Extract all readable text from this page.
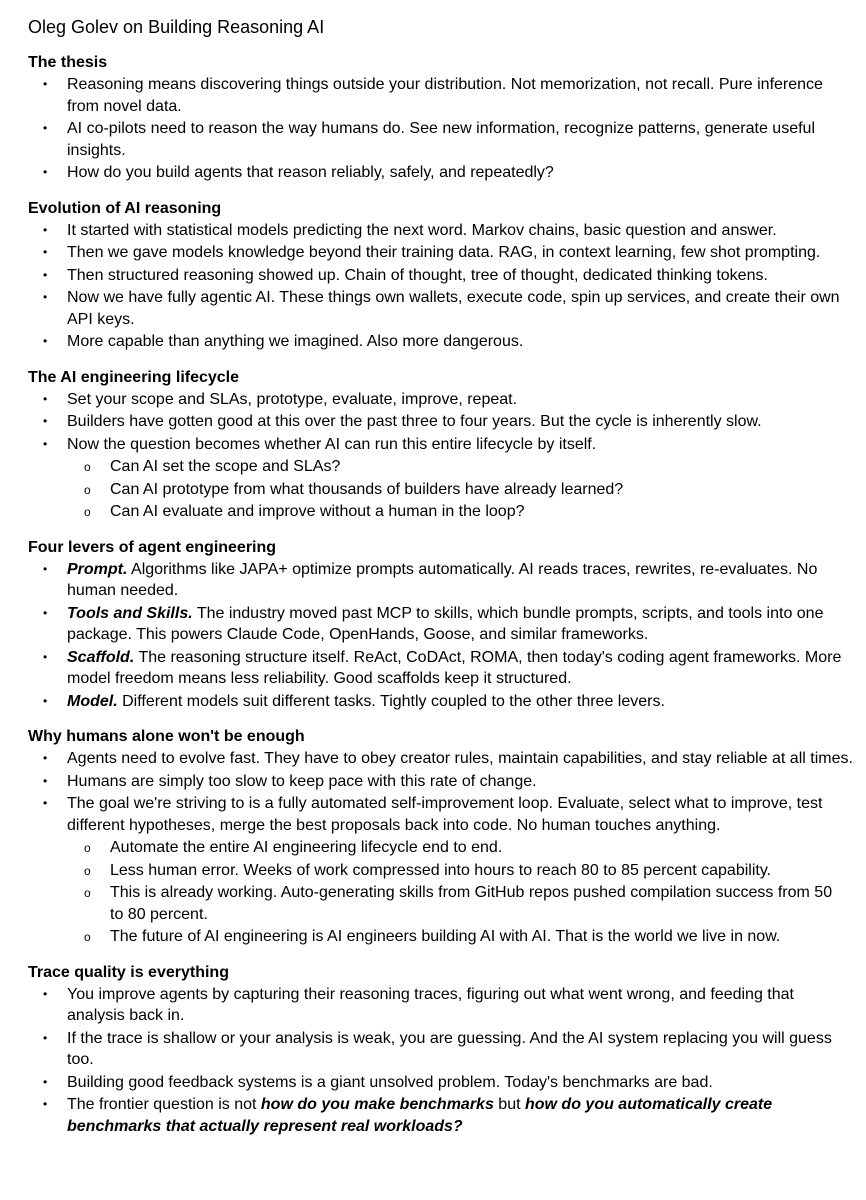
Oleg Golev on Building Reasoning AI
The thesis
• Reasoning means discovering things outside your distribution. Not memorization, not recall. Pure inference from novel data.
• AI co-pilots need to reason the way humans do. See new information, recognize patterns, generate useful insights.
• How do you build agents that reason reliably, safely, and repeatedly?
Evolution of AI reasoning
• It started with statistical models predicting the next word. Markov chains, basic question and answer.
• Then we gave models knowledge beyond their training data. RAG, in context learning, few shot prompting.
• Then structured reasoning showed up. Chain of thought, tree of thought, dedicated thinking tokens.
• Now we have fully agentic AI. These things own wallets, execute code, spin up services, and create their own API keys.
• More capable than anything we imagined. Also more dangerous.
The AI engineering lifecycle
• Set your scope and SLAs, prototype, evaluate, improve, repeat.
• Builders have gotten good at this over the past three to four years. But the cycle is inherently slow.
• Now the question becomes whether AI can run this entire lifecycle by itself.
o Can AI set the scope and SLAs?
o Can AI prototype from what thousands of builders have already learned?
o Can AI evaluate and improve without a human in the loop?
Four levers of agent engineering
• Prompt. Algorithms like JAPA+ optimize prompts automatically. AI reads traces, rewrites, re-evaluates. No human needed.
• Tools and Skills. The industry moved past MCP to skills, which bundle prompts, scripts, and tools into one package. This powers Claude Code, OpenHands, Goose, and similar frameworks.
• Scaffold. The reasoning structure itself. ReAct, CoDAct, ROMA, then today's coding agent frameworks. More model freedom means less reliability. Good scaffolds keep it structured.
• Model. Different models suit different tasks. Tightly coupled to the other three levers.
Why humans alone won't be enough
• Agents need to evolve fast. They have to obey creator rules, maintain capabilities, and stay reliable at all times.
• Humans are simply too slow to keep pace with this rate of change.
• The goal we're striving to is a fully automated self-improvement loop. Evaluate, select what to improve, test different hypotheses, merge the best proposals back into code. No human touches anything.
o Automate the entire AI engineering lifecycle end to end.
o Less human error. Weeks of work compressed into hours to reach 80 to 85 percent capability.
o This is already working. Auto-generating skills from GitHub repos pushed compilation success from 50 to 80 percent.
o The future of AI engineering is AI engineers building AI with AI. That is the world we live in now.
Trace quality is everything
• You improve agents by capturing their reasoning traces, figuring out what went wrong, and feeding that analysis back in.
• If the trace is shallow or your analysis is weak, you are guessing. And the AI system replacing you will guess too.
• Building good feedback systems is a giant unsolved problem. Today's benchmarks are bad.
• The frontier question is not how do you make benchmarks but how do you automatically create benchmarks that actually represent real workloads?
